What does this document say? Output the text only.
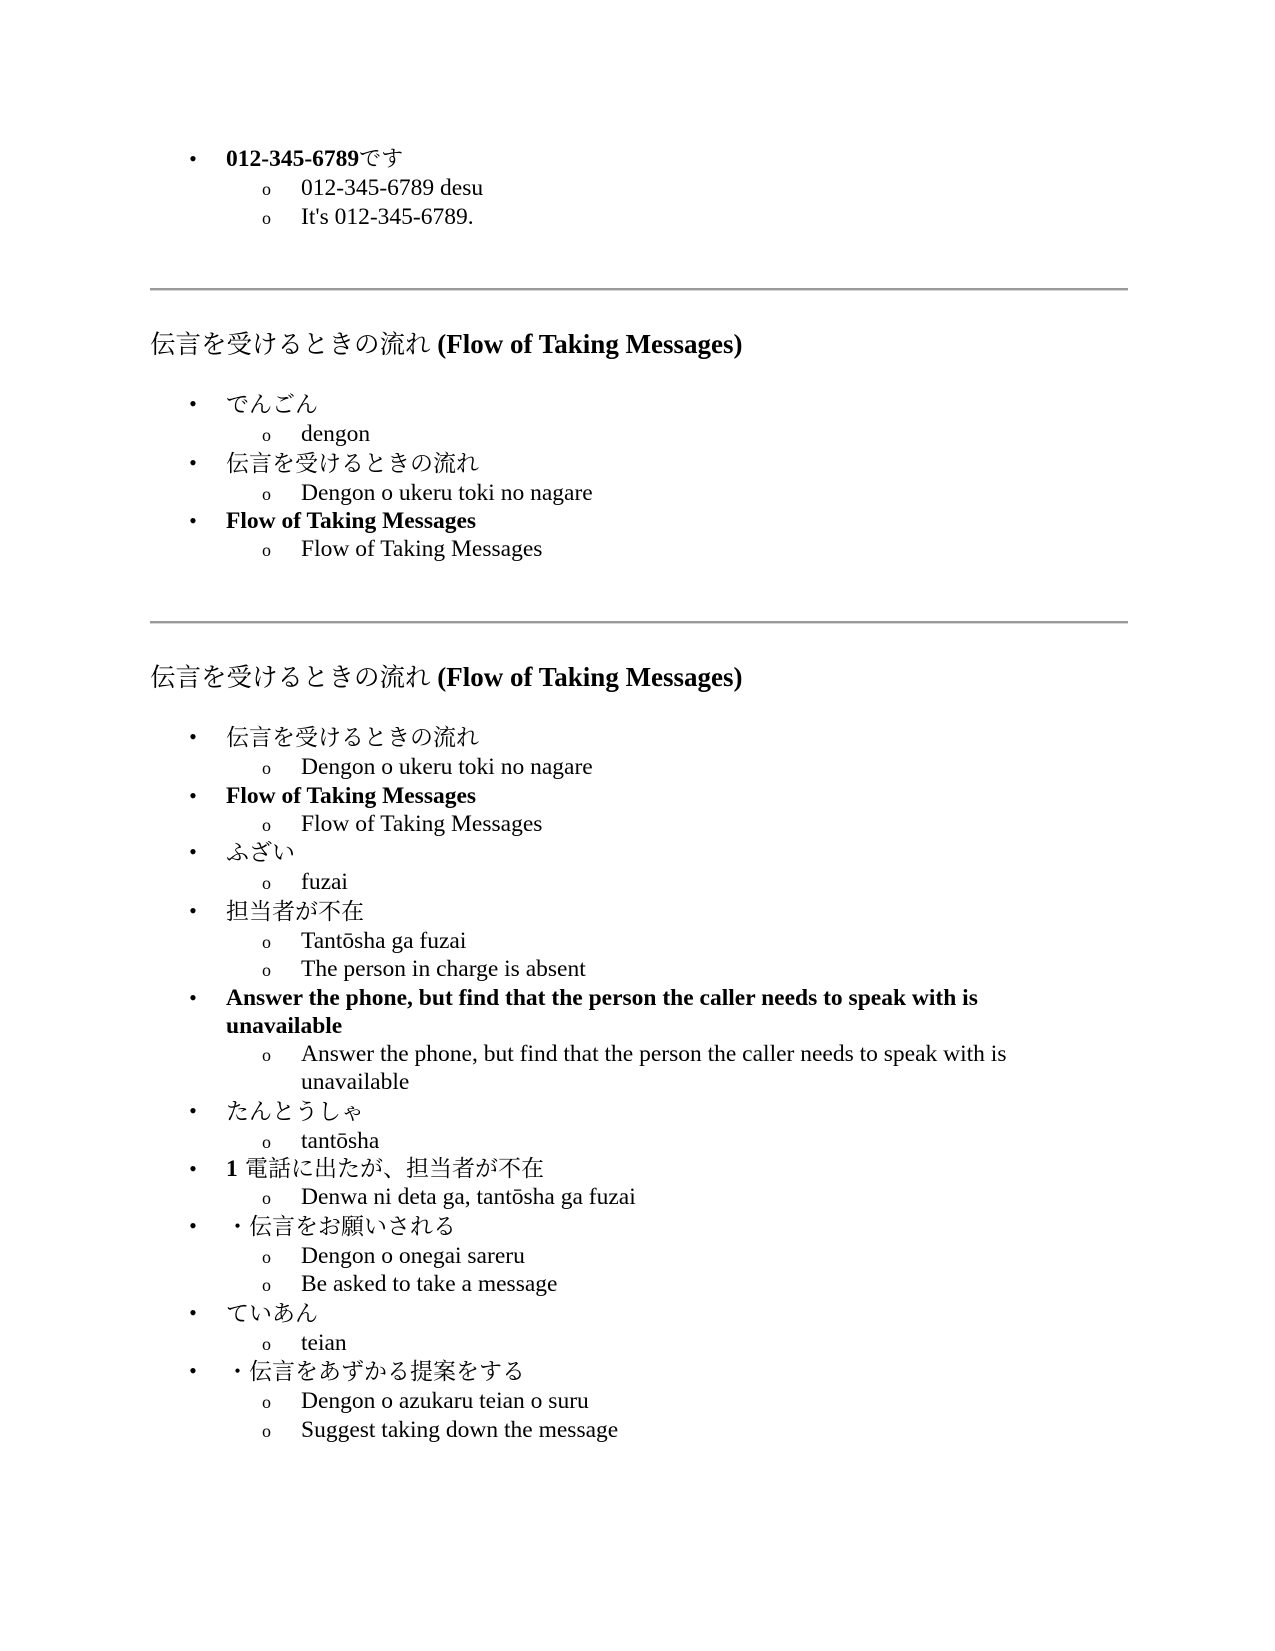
• 012-345-6789です
o 012-345-6789 desu
o It's 012-345-6789.
伝言を受けるときの流れ (Flow of Taking Messages)
• でんごん
o dengon
• 伝言を受けるときの流れ
o Dengon o ukeru toki no nagare
• Flow of Taking Messages
o Flow of Taking Messages
伝言を受けるときの流れ (Flow of Taking Messages)
• 伝言を受けるときの流れ
o Dengon o ukeru toki no nagare
• Flow of Taking Messages
o Flow of Taking Messages
• ふざい
o fuzai
• 担当者が不在
o Tantōsha ga fuzai
o The person in charge is absent
• Answer the phone, but find that the person the caller needs to speak with is unavailable
o Answer the phone, but find that the person the caller needs to speak with is unavailable
• たんとうしゃ
o tantōsha
• 1 電話に出たが、担当者が不在
o Denwa ni deta ga, tantōsha ga fuzai
• ・伝言をお願いされる
o Dengon o onegai sareru
o Be asked to take a message
• ていあん
o teian
• ・伝言をあずかる提案をする
o Dengon o azukaru teian o suru
o Suggest taking down the message
